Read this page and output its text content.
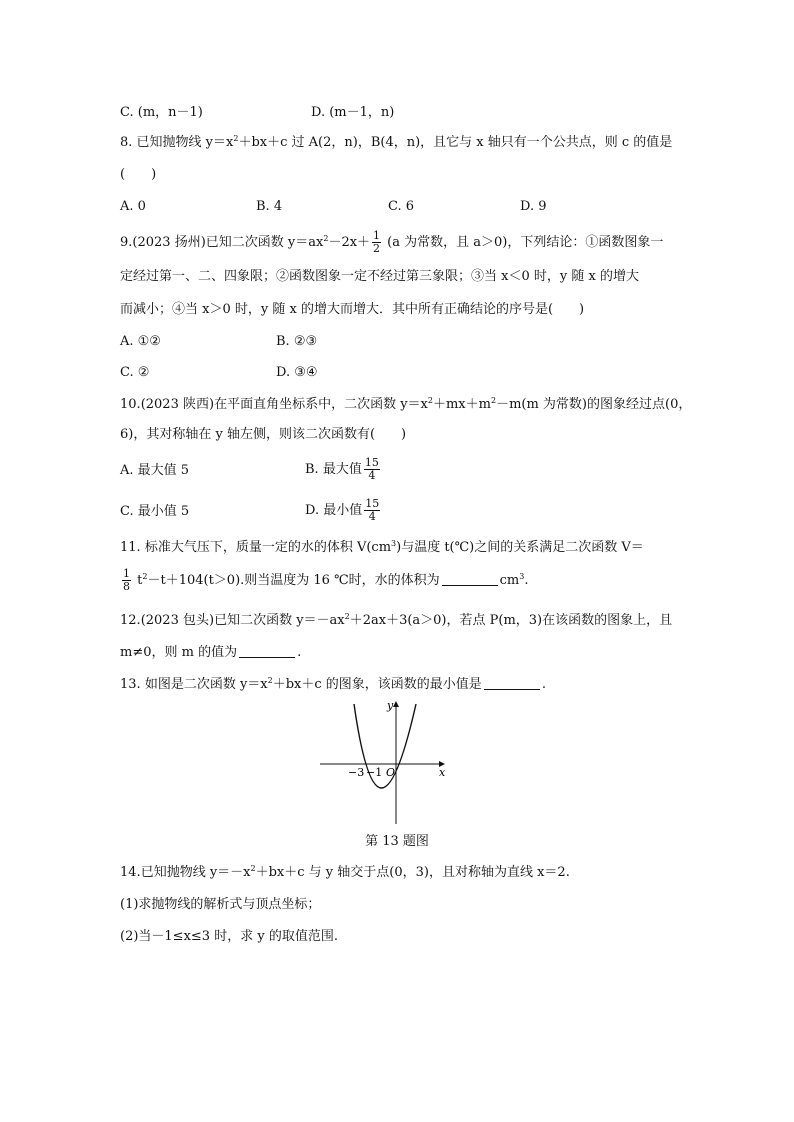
C. (m，n－1)	D. (m－1，n)
8. 已知抛物线 $y=x^2+bx+c$ 过 A(2，n)，B(4，n)，且它与 x 轴只有一个公共点，则 c 的值是
(　　)
A. 0	B. 4	C. 6	D. 9
9.(2023 扬州)已知二次函数 $y=ax^2-2x+ \frac{1}{2} (a$ 为常数，且 a＞0)，下列结论：①函数图象一
定经过第一、二、四象限；②函数图象一定不经过第三象限；③当 x＜0 时，y 随 x 的增大
而减小；④当 x＞0 时，y 随 x 的增大而增大．其中所有正确结论的序号是(　　)
A. ①②	B. ②③
C. ②	D. ③④
10.(2023 陕西)在平面直角坐标系中，二次函数 $y=x^2+mx+m^2-m(m$ 为常数)的图象经过点(0，
6)，其对称轴在 y 轴左侧，则该二次函数有(　　)
A. 最大值 5	B. 最大值 $\frac{15}{4}$
C. 最小值 5	D. 最小值 $\frac{15}{4}$
11. 标准大气压下，质量一定的水的体积 $V(cm^3)$与温度 t(℃)之间的关系满足二次函数 V＝
$\frac{1}{8} t^2-t+104(t>0)$.则当温度为 16 ℃时，水的体积为	$cm^3$.
12.(2023 包头)已知二次函数 $y=-ax^2+2ax+3(a>0)$，若点 P(m，3)在该函数的图象上，且
m≠0，则 m 的值为	.
13. 如图是二次函数 $y=x^2+bx+c$ 的图象，该函数的最小值是	.
y
x
O
−3 −1
第 13 题图
14.已知抛物线 $y=-x^2+bx+c$ 与 y 轴交于点(0，3)，且对称轴为直线 x＝2.
(1)求抛物线的解析式与顶点坐标；
(2)当－1≤x≤3 时，求 y 的取值范围.
